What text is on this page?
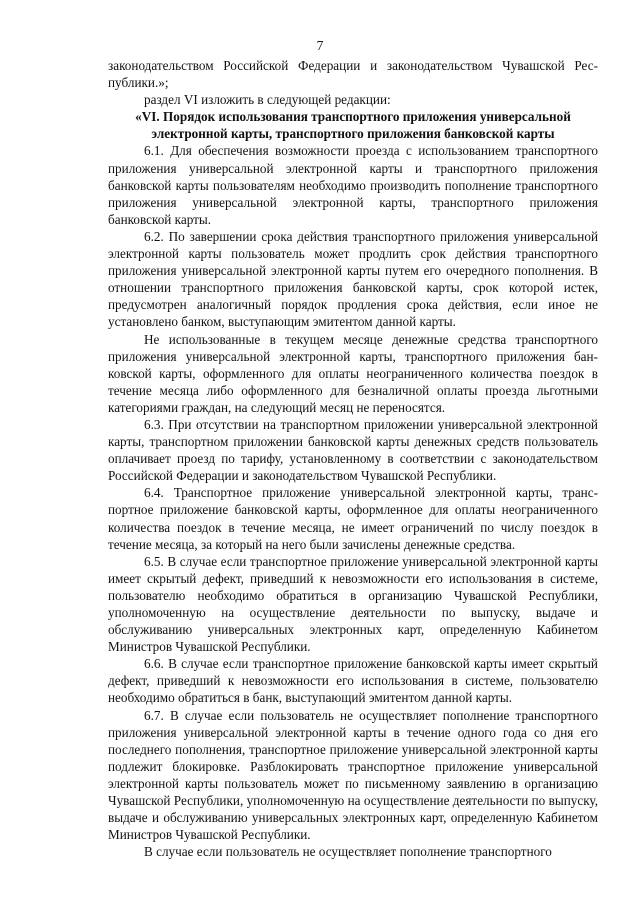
7

законодательством Российской Федерации и законодательством Чувашской Республики.»;

раздел VI изложить в следующей редакции:

«VI. Порядок использования транспортного приложения универсальной электронной карты, транспортного приложения банковской карты

6.1. Для обеспечения возможности проезда с использованием транспортного приложения универсальной электронной карты и транспортного приложения банковской карты пользователям необходимо производить пополнение транспортного приложения универсальной электронной карты, транспортного приложения банковской карты.

6.2. По завершении срока действия транспортного приложения универсальной электронной карты пользователь может продлить срок действия транспортного приложения универсальной электронной карты путем его очередного пополнения. В отношении транспортного приложения банковской карты, срок которой истек, предусмотрен аналогичный порядок продления срока действия, если иное не установлено банком, выступающим эмитентом данной карты.

Не использованные в текущем месяце денежные средства транспортного приложения универсальной электронной карты, транспортного приложения банковской карты, оформленного для оплаты неограниченного количества поездок в течение месяца либо оформленного для безналичной оплаты проезда льготными категориями граждан, на следующий месяц не переносятся.

6.3. При отсутствии на транспортном приложении универсальной электронной карты, транспортном приложении банковской карты денежных средств пользователь оплачивает проезд по тарифу, установленному в соответствии с законодательством Российской Федерации и законодательством Чувашской Республики.

6.4. Транспортное приложение универсальной электронной карты, транспортное приложение банковской карты, оформленное для оплаты неограниченного количества поездок в течение месяца, не имеет ограничений по числу поездок в течение месяца, за который на него были зачислены денежные средства.

6.5. В случае если транспортное приложение универсальной электронной карты имеет скрытый дефект, приведший к невозможности его использования в системе, пользователю необходимо обратиться в организацию Чувашской Республики, уполномоченную на осуществление деятельности по выпуску, выдаче и обслуживанию универсальных электронных карт, определенную Кабинетом Министров Чувашской Республики.

6.6. В случае если транспортное приложение банковской карты имеет скрытый дефект, приведший к невозможности его использования в системе, пользователю необходимо обратиться в банк, выступающий эмитентом данной карты.

6.7. В случае если пользователь не осуществляет пополнение транспортного приложения универсальной электронной карты в течение одного года со дня его последнего пополнения, транспортное приложение универсальной электронной карты подлежит блокировке. Разблокировать транспортное приложение универсальной электронной карты пользователь может по письменному заявлению в организацию Чувашской Республики, уполномоченную на осуществление деятельности по выпуску, выдаче и обслуживанию универсальных электронных карт, определенную Кабинетом Министров Чувашской Республики.

В случае если пользователь не осуществляет пополнение транспортного
